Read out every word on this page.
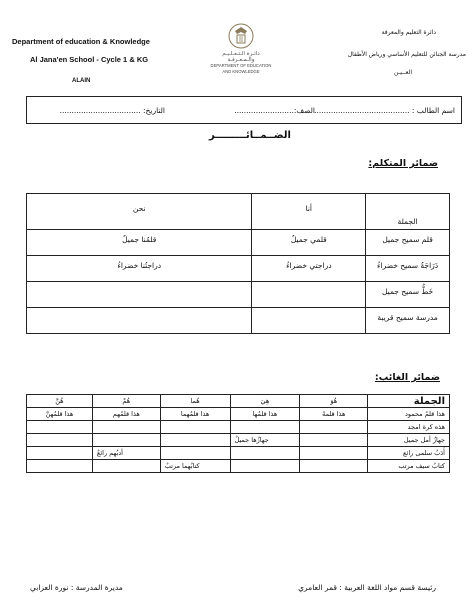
Department of education & Knowledge
Al Jana'en School - Cycle 1 & KG
ALAIN
دائـرة الـتـعـلـيـم والـمـعـرفـة
DEPARTMENT OF EDUCATION
AND KNOWLEDGE
دائرة التعليم والمعرفة
مدرسة الجنائن للتعليم الأساسي ورياض الأطفال
العــيـن
اسم الطالب : ........................................
الصف:.........................
التاريخ: ..................................
الضــمــائـــــــــر
ضمائر المتكلم:
الجملة	أنا	نحن
قلم سميح جميل	قلمي جميلٌ	قلمُنا جميلٌ
دَرَاجَةُ سميح خضراءُ	دراجتي خضراءُ	دراجتُنا خضراءُ
خَطُّ سميح جميل		
مدرسة سميح قريبة		
ضمائر الغائب:
الجملة	هُوَ	هِيَ	هُما	هُمْ	هُنَّ
هذا قلمُ محمود	هذا قلمهُ	هذا قلمُها	هذا قلمُهما	هذا قلمُهم	هذا قلمُهنَّ
هذه كرة امجد					
جهازُ أمل جميل		جهازُها جميلٌ			
أَدَبُ سلمى رائع				أدبُهم رائعٌ	
كتابُ سيف مرتب			كتابُهما مرتبٌ		
رئيسة قسم مواد اللغة العربية : قمر العامري
مديرة المدرسة : نورة العزابي
